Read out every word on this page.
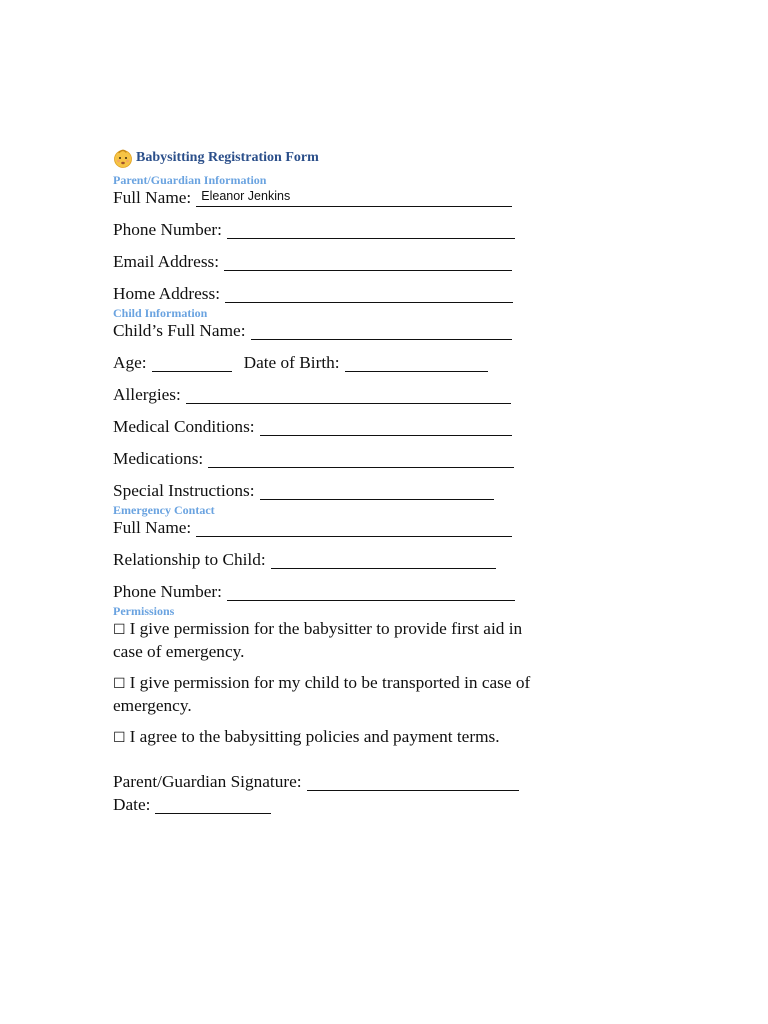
Babysitting Registration Form
Parent/Guardian Information
Full Name: Eleanor Jenkins
Phone Number:
Email Address:
Home Address:
Child Information
Child’s Full Name:
Age:	Date of Birth:
Allergies:
Medical Conditions:
Medications:
Special Instructions:
Emergency Contact
Full Name:
Relationship to Child:
Phone Number:
Permissions
☐ I give permission for the babysitter to provide first aid in case of emergency.
☐ I give permission for my child to be transported in case of emergency.
☐ I agree to the babysitting policies and payment terms.
Parent/Guardian Signature:
Date:
